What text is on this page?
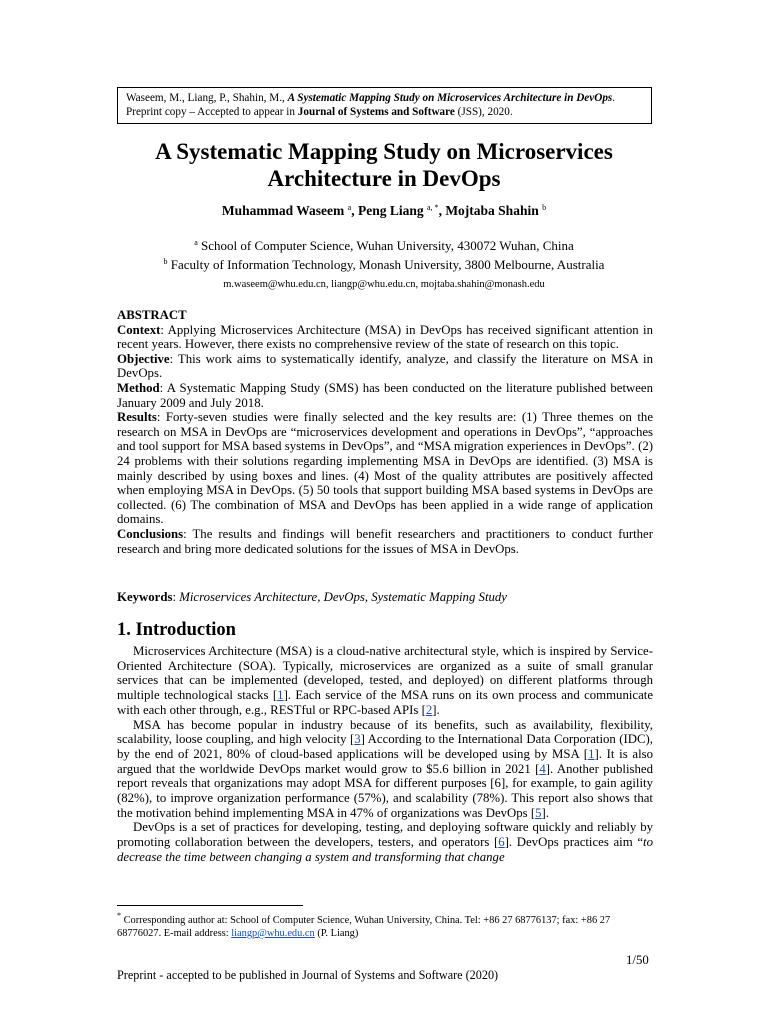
Waseem, M., Liang, P., Shahin, M., A Systematic Mapping Study on Microservices Architecture in DevOps.
Preprint copy – Accepted to appear in Journal of Systems and Software (JSS), 2020.
A Systematic Mapping Study on Microservices
Architecture in DevOps
Muhammad Waseem $^a$, Peng Liang $^{a, *}$, Mojtaba Shahin $^b$
$^a$ School of Computer Science, Wuhan University, 430072 Wuhan, China
$^b$ Faculty of Information Technology, Monash University, 3800 Melbourne, Australia
m.waseem@whu.edu.cn, liangp@whu.edu.cn, mojtaba.shahin@monash.edu

ABSTRACT

Context: Applying Microservices Architecture (MSA) in DevOps has received significant attention in recent years. However, there exists no comprehensive review of the state of research on this topic.

Objective: This work aims to systematically identify, analyze, and classify the literature on MSA in DevOps.

Method: A Systematic Mapping Study (SMS) has been conducted on the literature published between January 2009 and July 2018.

Results: Forty-seven studies were finally selected and the key results are: (1) Three themes on the research on MSA in DevOps are “microservices development and operations in DevOps”, “approaches and tool support for MSA based systems in DevOps”, and “MSA migration experiences in DevOps”. (2) 24 problems with their solutions regarding implementing MSA in DevOps are identified. (3) MSA is mainly described by using boxes and lines. (4) Most of the quality attributes are positively affected when employing MSA in DevOps. (5) 50 tools that support building MSA based systems in DevOps are collected. (6) The combination of MSA and DevOps has been applied in a wide range of application domains.

Conclusions: The results and findings will benefit researchers and practitioners to conduct further research and bring more dedicated solutions for the issues of MSA in DevOps.

Keywords: Microservices Architecture, DevOps, Systematic Mapping Study
1. Introduction

Microservices Architecture (MSA) is a cloud-native architectural style, which is inspired by Service-Oriented Architecture (SOA). Typically, microservices are organized as a suite of small granular services that can be implemented (developed, tested, and deployed) on different platforms through multiple technological stacks [1]. Each service of the MSA runs on its own process and communicate with each other through, e.g., RESTful or RPC-based APIs [2].

MSA has become popular in industry because of its benefits, such as availability, flexibility, scalability, loose coupling, and high velocity [3] According to the International Data Corporation (IDC), by the end of 2021, 80% of cloud-based applications will be developed using by MSA [1]. It is also argued that the worldwide DevOps market would grow to $5.6 billion in 2021 [4]. Another published report reveals that organizations may adopt MSA for different purposes [6], for example, to gain agility (82%), to improve organization performance (57%), and scalability (78%). This report also shows that the motivation behind implementing MSA in 47% of organizations was DevOps [5].

DevOps is a set of practices for developing, testing, and deploying software quickly and reliably by promoting collaboration between the developers, testers, and operators [6]. DevOps practices aim “to decrease the time between changing a system and transforming that change

* Corresponding author at: School of Computer Science, Wuhan University, China. Tel: +86 27 68776137; fax: +86 27 68776027. E-mail address: liangp@whu.edu.cn (P. Liang)
1/50
Preprint - accepted to be published in Journal of Systems and Software (2020)
